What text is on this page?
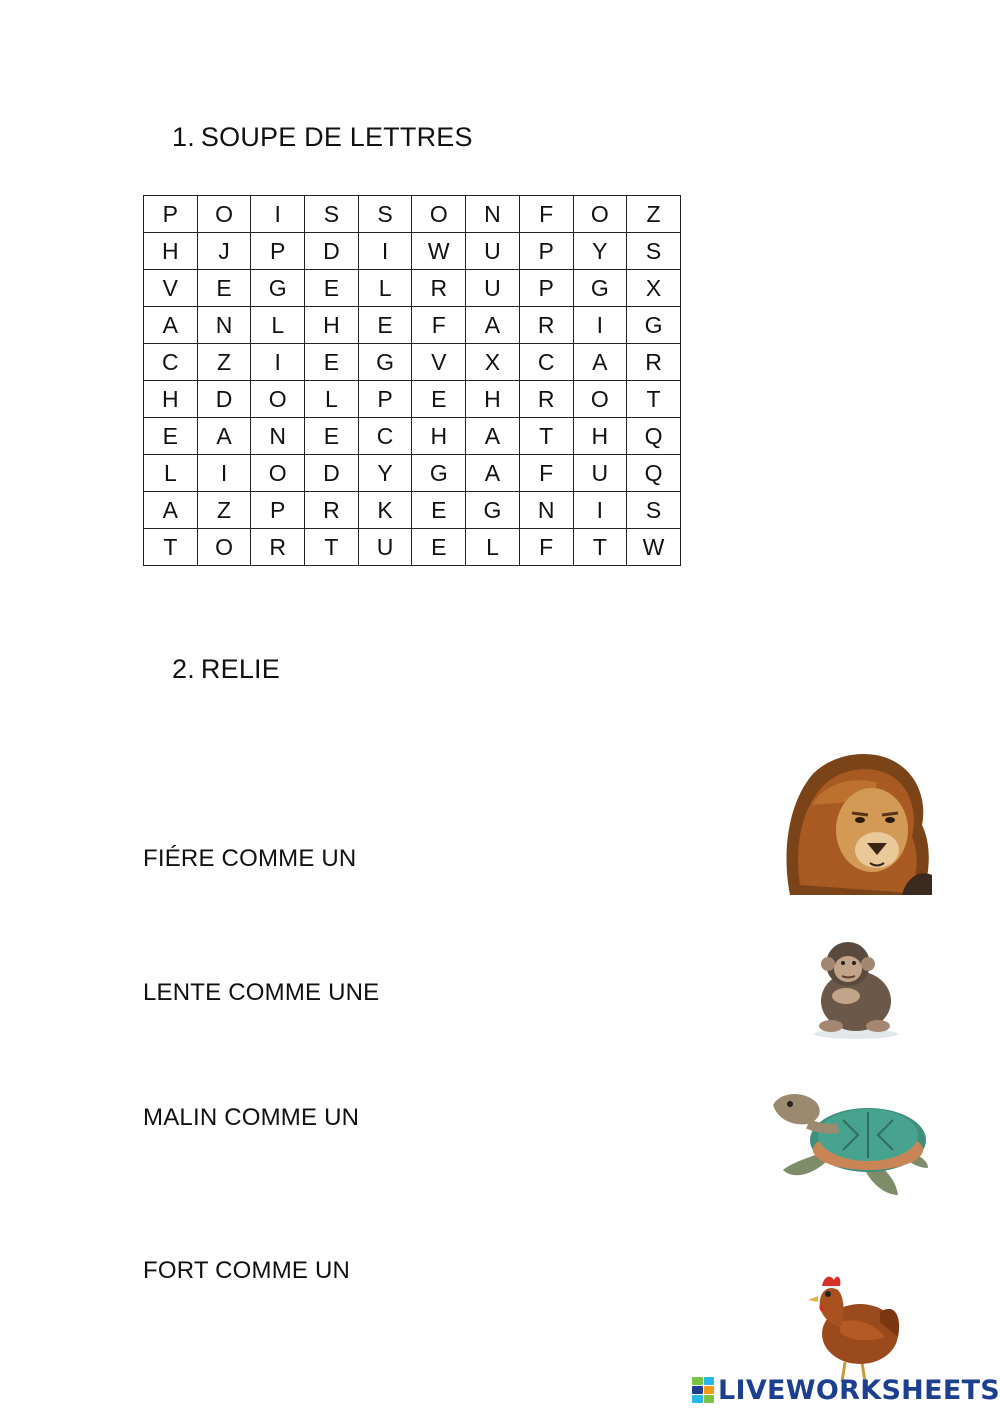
1. SOUPE DE LETTRES
P	O	I	S	S	O	N	F	O	Z
H	J	P	D	I	W	U	P	Y	S
V	E	G	E	L	R	U	P	G	X
A	N	L	H	E	F	A	R	I	G
C	Z	I	E	G	V	X	C	A	R
H	D	O	L	P	E	H	R	O	T
E	A	N	E	C	H	A	T	H	Q
L	I	O	D	Y	G	A	F	U	Q
A	Z	P	R	K	E	G	N	I	S
T	O	R	T	U	E	L	F	T	W
2. RELIE
FIÉRE COMME UN
LENTE COMME UNE
MALIN COMME UN
FORT COMME UN
LIVEWORKSHEETS
